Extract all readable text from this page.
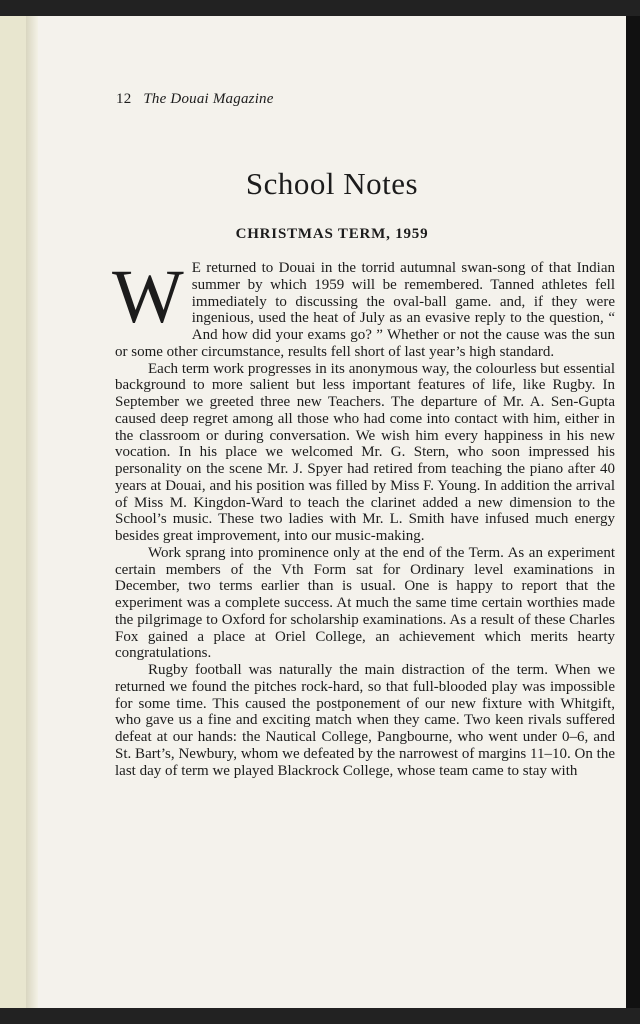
12 The Douai Magazine
School Notes
CHRISTMAS TERM, 1959

W E returned to Douai in the torrid autumnal swan-song of that Indian summer by which 1959 will be remembered. Tanned athletes fell immediately to discussing the oval-ball game. and, if they were ingenious, used the heat of July as an evasive reply to the question, “ And how did your exams go? ” Whether or not the cause was the sun or some other circumstance, results fell short of last year’s high standard.

Each term work progresses in its anonymous way, the colourless but essential background to more salient but less important features of life, like Rugby. In September we greeted three new Teachers. The departure of Mr. A. Sen-Gupta caused deep regret among all those who had come into contact with him, either in the classroom or during conversation. We wish him every happiness in his new vocation. In his place we welcomed Mr. G. Stern, who soon impressed his personality on the scene Mr. J. Spyer had retired from teaching the piano after 40 years at Douai, and his position was filled by Miss F. Young. In addition the arrival of Miss M. Kingdon-Ward to teach the clarinet added a new dimension to the School’s music. These two ladies with Mr. L. Smith have infused much energy besides great improvement, into our music-making.

Work sprang into prominence only at the end of the Term. As an experiment certain members of the Vth Form sat for Ordinary level examinations in December, two terms earlier than is usual. One is happy to report that the experiment was a complete success. At much the same time certain worthies made the pilgrimage to Oxford for scholarship examinations. As a result of these Charles Fox gained a place at Oriel College, an achievement which merits hearty congratulations.

Rugby football was naturally the main distraction of the term. When we returned we found the pitches rock-hard, so that full-blooded play was impossible for some time. This caused the postponement of our new fixture with Whitgift, who gave us a fine and exciting match when they came. Two keen rivals suffered defeat at our hands: the Nautical College, Pangbourne, who went under 0–6, and St. Bart’s, Newbury, whom we defeated by the narrowest of margins 11–10. On the last day of term we played Blackrock College, whose team came to stay with
